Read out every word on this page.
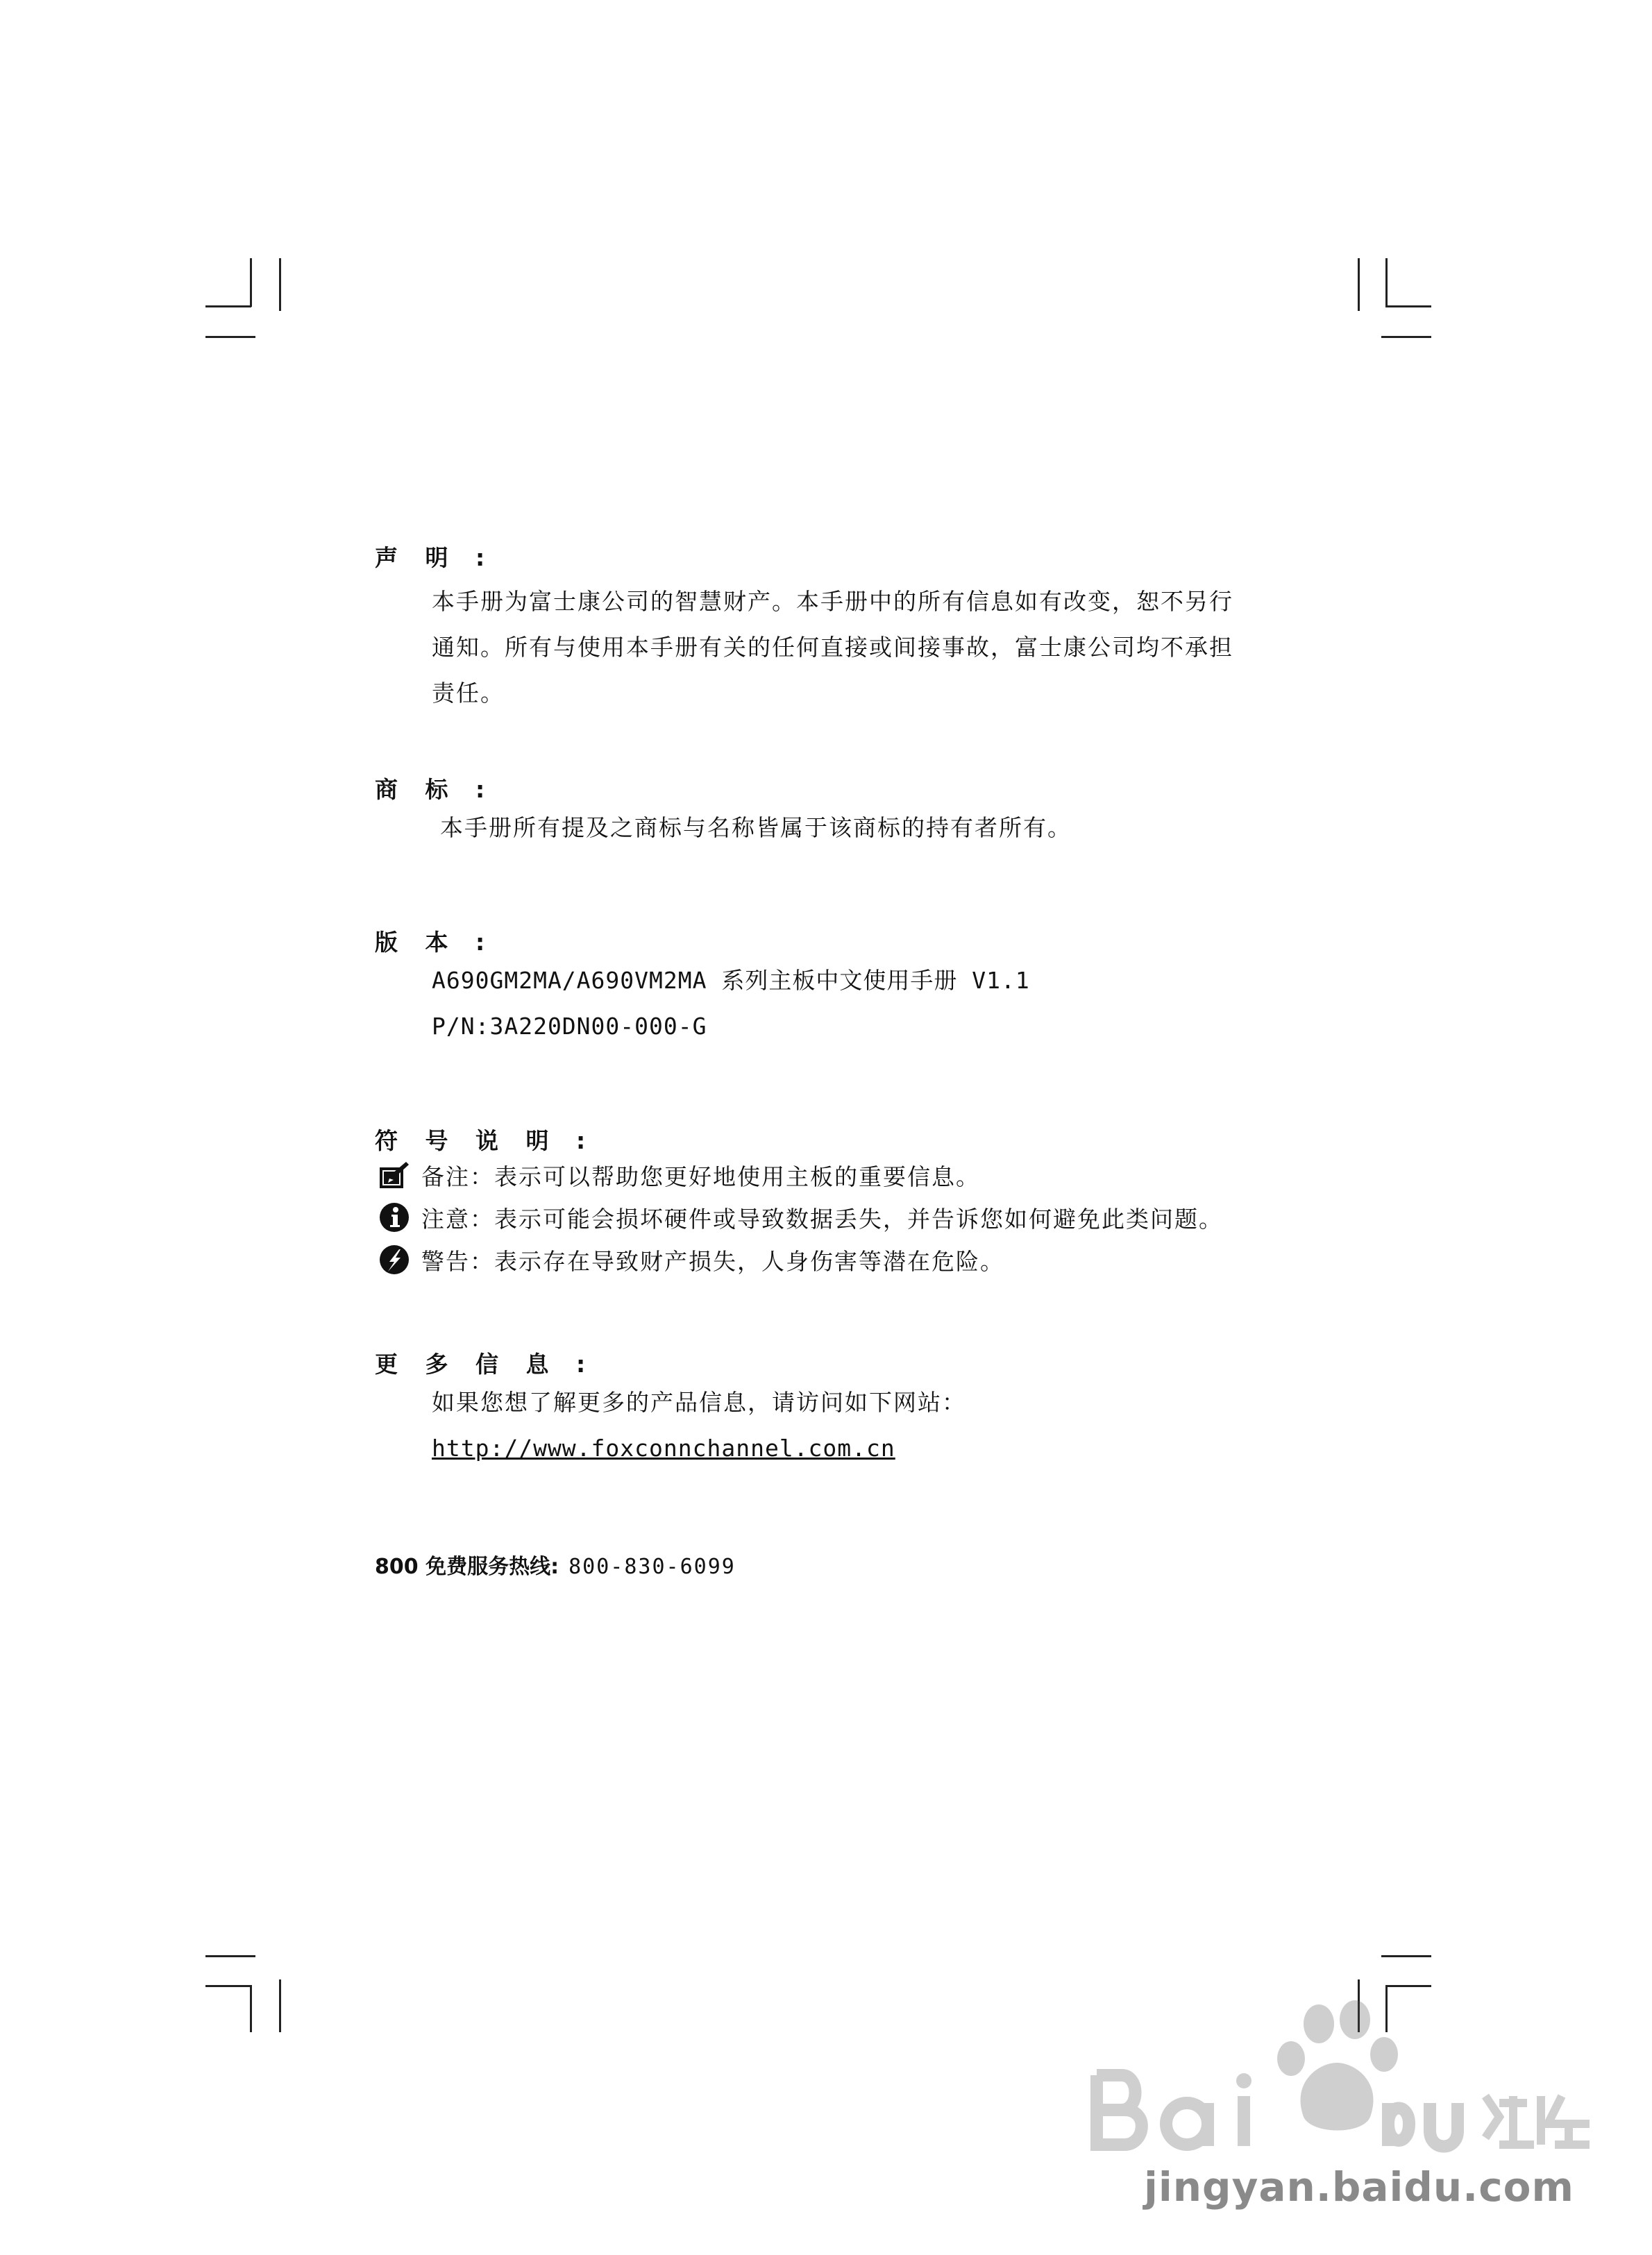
声 明 :
本手册为富士康公司的智慧财产。本手册中的所有信息如有改变，恕不另行
通知。所有与使用本手册有关的任何直接或间接事故，富士康公司均不承担
责任。
商 标 :
本手册所有提及之商标与名称皆属于该商标的持有者所有。
版 本 :
A690GM2MA/A690VM2MA 系列主板中文使用手册 V1.1
P/N:3A220DN00-000-G
符 号 说 明 :
备注：表示可以帮助您更好地使用主板的重要信息。
注意：表示可能会损坏硬件或导致数据丢失，并告诉您如何避免此类问题。
警告：表示存在导致财产损失，人身伤害等潜在危险。
更 多 信 息 :
如果您想了解更多的产品信息，请访问如下网站：
http://www.foxconnchannel.com.cn
800 免费服务热线: 800-830-6099
jingyan.baidu.com
